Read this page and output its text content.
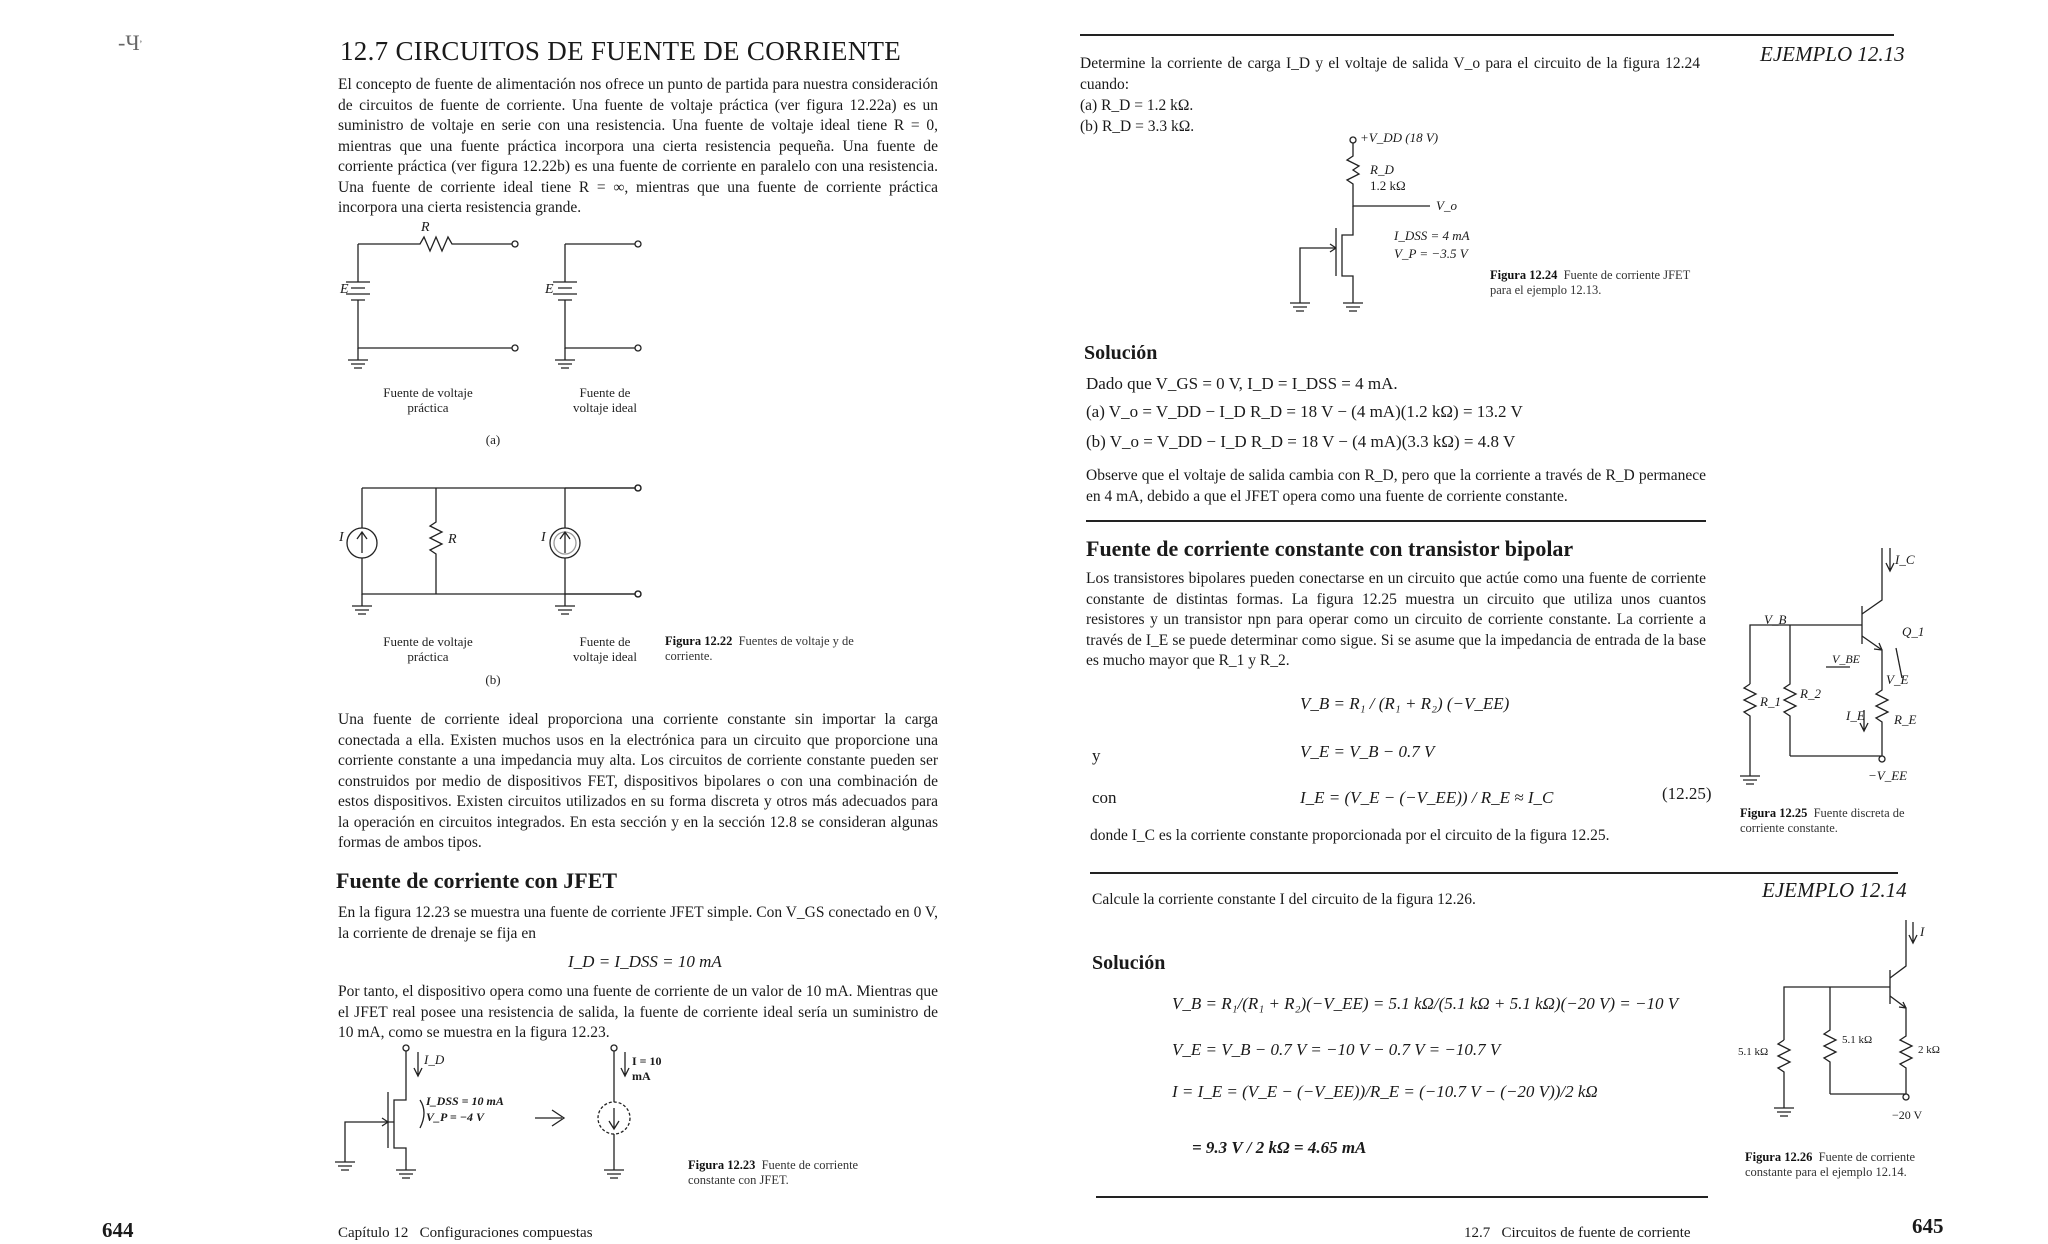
-Ч,	12.7 CIRCUITOS DE FUENTE DE CORRIENTE
El concepto de fuente de alimentación nos ofrece un punto de partida para nuestra consideración de circuitos de fuente de corriente. Una fuente de voltaje práctica (ver figura 12.22a) es un suministro de voltaje en serie con una resistencia. Una fuente de voltaje ideal tiene R = 0, mientras que una fuente práctica incorpora una cierta resistencia pequeña. Una fuente de corriente práctica (ver figura 12.22b) es una fuente de corriente en paralelo con una resistencia. Una fuente de corriente ideal tiene R = ∞, mientras que una fuente de corriente práctica incorpora una cierta resistencia grande.
R
E	E
Fuente de voltaje práctica
Fuente de voltaje ideal
(a)
I	R	I
Fuente de voltaje práctica
Fuente de voltaje ideal
(b)
Figura 12.22 Fuentes de voltaje y de corriente.
Una fuente de corriente ideal proporciona una corriente constante sin importar la carga conectada a ella. Existen muchos usos en la electrónica para un circuito que proporcione una corriente constante a una impedancia muy alta. Los circuitos de corriente constante pueden ser construidos por medio de dispositivos FET, dispositivos bipolares o con una combinación de estos dispositivos. Existen circuitos utilizados en su forma discreta y otros más adecuados para la operación en circuitos integrados. En esta sección y en la sección 12.8 se consideran algunas formas de ambos tipos.
Fuente de corriente con JFET
En la figura 12.23 se muestra una fuente de corriente JFET simple. Con V_GS conectado en 0 V, la corriente de drenaje se fija en
I_D = I_DSS = 10 mA
Por tanto, el dispositivo opera como una fuente de corriente de un valor de 10 mA. Mientras que el JFET real posee una resistencia de salida, la fuente de corriente ideal sería un suministro de 10 mA, como se muestra en la figura 12.23.
I_D
I_DSS = 10 mA
V_P = −4 V
I = 10 mA
Figura 12.23 Fuente de corriente constante con JFET.
644	Capítulo 12   Configuraciones compuestas
EJEMPLO 12.13
Determine la corriente de carga I_D y el voltaje de salida V_o para el circuito de la figura 12.24 cuando:
(a) R_D = 1.2 kΩ.
(b) R_D = 3.3 kΩ.
+V_DD (18 V)
R_D
1.2 kΩ
V_o
I_DSS = 4 mA
V_P = −3.5 V
Figura 12.24 Fuente de corriente JFET para el ejemplo 12.13.
Solución
Dado que V_GS = 0 V, I_D = I_DSS = 4 mA.
(a) V_o = V_DD − I_D R_D = 18 V − (4 mA)(1.2 kΩ) = 13.2 V
(b) V_o = V_DD − I_D R_D = 18 V − (4 mA)(3.3 kΩ) = 4.8 V
Observe que el voltaje de salida cambia con R_D, pero que la corriente a través de R_D permanece en 4 mA, debido a que el JFET opera como una fuente de corriente constante.
Fuente de corriente constante con transistor bipolar
Los transistores bipolares pueden conectarse en un circuito que actúe como una fuente de corriente constante de distintas formas. La figura 12.25 muestra un circuito que utiliza unos cuantos resistores y un transistor npn para operar como un circuito de corriente constante. La corriente a través de I_E se puede determinar como sigue. Si se asume que la impedancia de entrada de la base es mucho mayor que R_1 y R_2.
V_B = R₁ / (R₁ + R₂) (−V_EE)
y	V_E = V_B − 0.7 V
con	I_E = (V_E − (−V_EE)) / R_E ≈ I_C	(12.25)
donde I_C es la corriente constante proporcionada por el circuito de la figura 12.25.
I_C
V_B
Q_1
V_BE
V_E
R_1
R_2
I_E R_E
−V_EE
Figura 12.25 Fuente discreta de corriente constante.
EJEMPLO 12.14
Calcule la corriente constante I del circuito de la figura 12.26.
Solución
V_B = R₁/(R₁ + R₂)(−V_EE) = 5.1 kΩ/(5.1 kΩ + 5.1 kΩ)(−20 V) = −10 V
V_E = V_B − 0.7 V = −10 V − 0.7 V = −10.7 V
I = I_E = (V_E − (−V_EE))/R_E = (−10.7 V − (−20 V))/2 kΩ
= 9.3 V / 2 kΩ = 4.65 mA
I
5.1 kΩ
5.1 kΩ
2 kΩ
−20 V
Figura 12.26 Fuente de corriente constante para el ejemplo 12.14.
12.7   Circuitos de fuente de corriente	645
